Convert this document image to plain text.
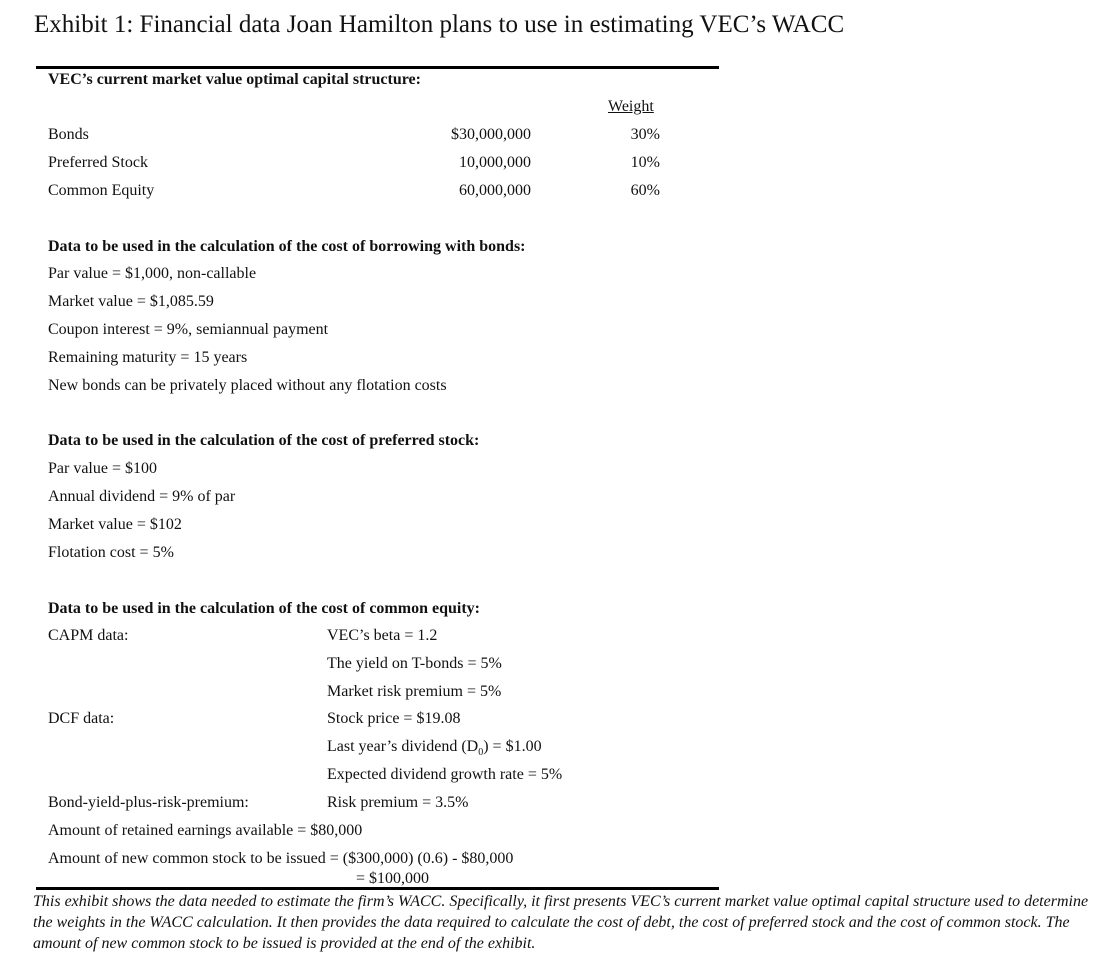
Exhibit 1: Financial data Joan Hamilton plans to use in estimating VEC’s WACC
VEC’s current market value optimal capital structure:
Weight
Bonds	$30,000,000	30%
Preferred Stock	10,000,000	10%
Common Equity	60,000,000	60%
Data to be used in the calculation of the cost of borrowing with bonds:
Par value = $1,000, non-callable
Market value = $1,085.59
Coupon interest = 9%, semiannual payment
Remaining maturity = 15 years
New bonds can be privately placed without any flotation costs
Data to be used in the calculation of the cost of preferred stock:
Par value = $100
Annual dividend = 9% of par
Market value = $102
Flotation cost = 5%
Data to be used in the calculation of the cost of common equity:
CAPM data:	VEC’s beta = 1.2
The yield on T-bonds = 5%
Market risk premium = 5%
DCF data:	Stock price = $19.08
Last year’s dividend $(D_0)$ = $1.00
Expected dividend growth rate = 5%
Bond-yield-plus-risk-premium:	Risk premium = 3.5%
Amount of retained earnings available = $80,000
Amount of new common stock to be issued = ($300,000) (0.6) - $80,000
= $100,000
This exhibit shows the data needed to estimate the firm’s WACC. Specifically, it first presents VEC’s current market value optimal capital structure used to determine the weights in the WACC calculation. It then provides the data required to calculate the cost of debt, the cost of preferred stock and the cost of common stock. The amount of new common stock to be issued is provided at the end of the exhibit.
